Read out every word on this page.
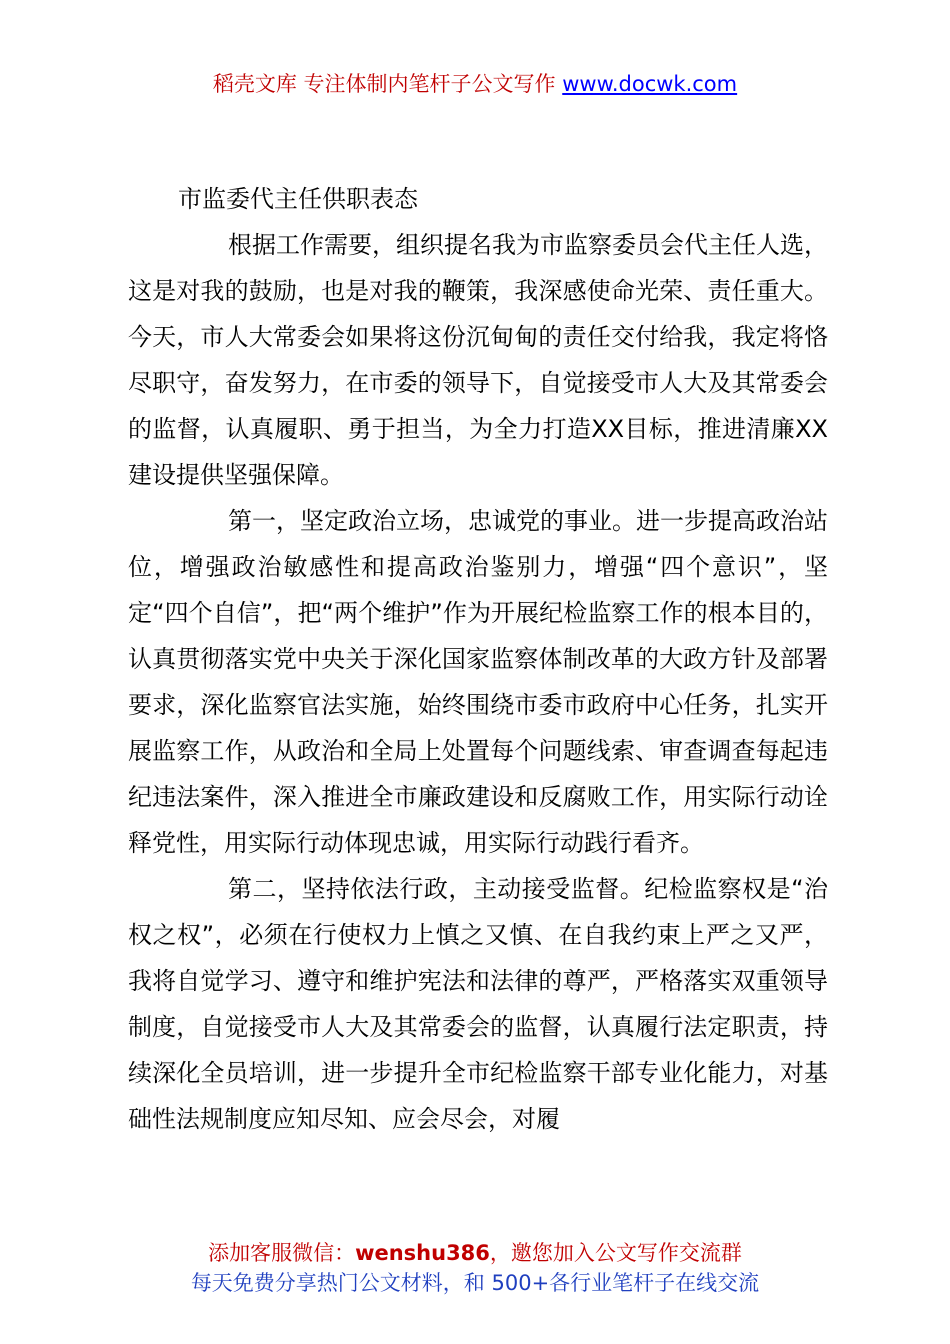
稻壳文库 专注体制内笔杆子公文写作 www.docwk.com

市监委代主任供职表态

根据工作需要，组织提名我为市监察委员会代主任人选，这是对我的鼓励，也是对我的鞭策，我深感使命光荣、责任重大。今天，市人大常委会如果将这份沉甸甸的责任交付给我，我定将恪尽职守，奋发努力，在市委的领导下，自觉接受市人大及其常委会的监督，认真履职、勇于担当，为全力打造XX目标，推进清廉XX建设提供坚强保障。

第一，坚定政治立场，忠诚党的事业。进一步提高政治站位，增强政治敏感性和提高政治鉴别力，增强“四个意识”，坚定“四个自信”，把“两个维护”作为开展纪检监察工作的根本目的，认真贯彻落实党中央关于深化国家监察体制改革的大政方针及部署要求，深化监察官法实施，始终围绕市委市政府中心任务，扎实开展监察工作，从政治和全局上处置每个问题线索、审查调查每起违纪违法案件，深入推进全市廉政建设和反腐败工作，用实际行动诠释党性，用实际行动体现忠诚，用实际行动践行看齐。

第二，坚持依法行政，主动接受监督。纪检监察权是“治权之权”，必须在行使权力上慎之又慎、在自我约束上严之又严，我将自觉学习、遵守和维护宪法和法律的尊严，严格落实双重领导制度，自觉接受市人大及其常委会的监督，认真履行法定职责，持续深化全员培训，进一步提升全市纪检监察干部专业化能力，对基础性法规制度应知尽知、应会尽会，对履

添加客服微信：wenshu386，邀您加入公文写作交流群
每天免费分享热门公文材料，和 500+各行业笔杆子在线交流
